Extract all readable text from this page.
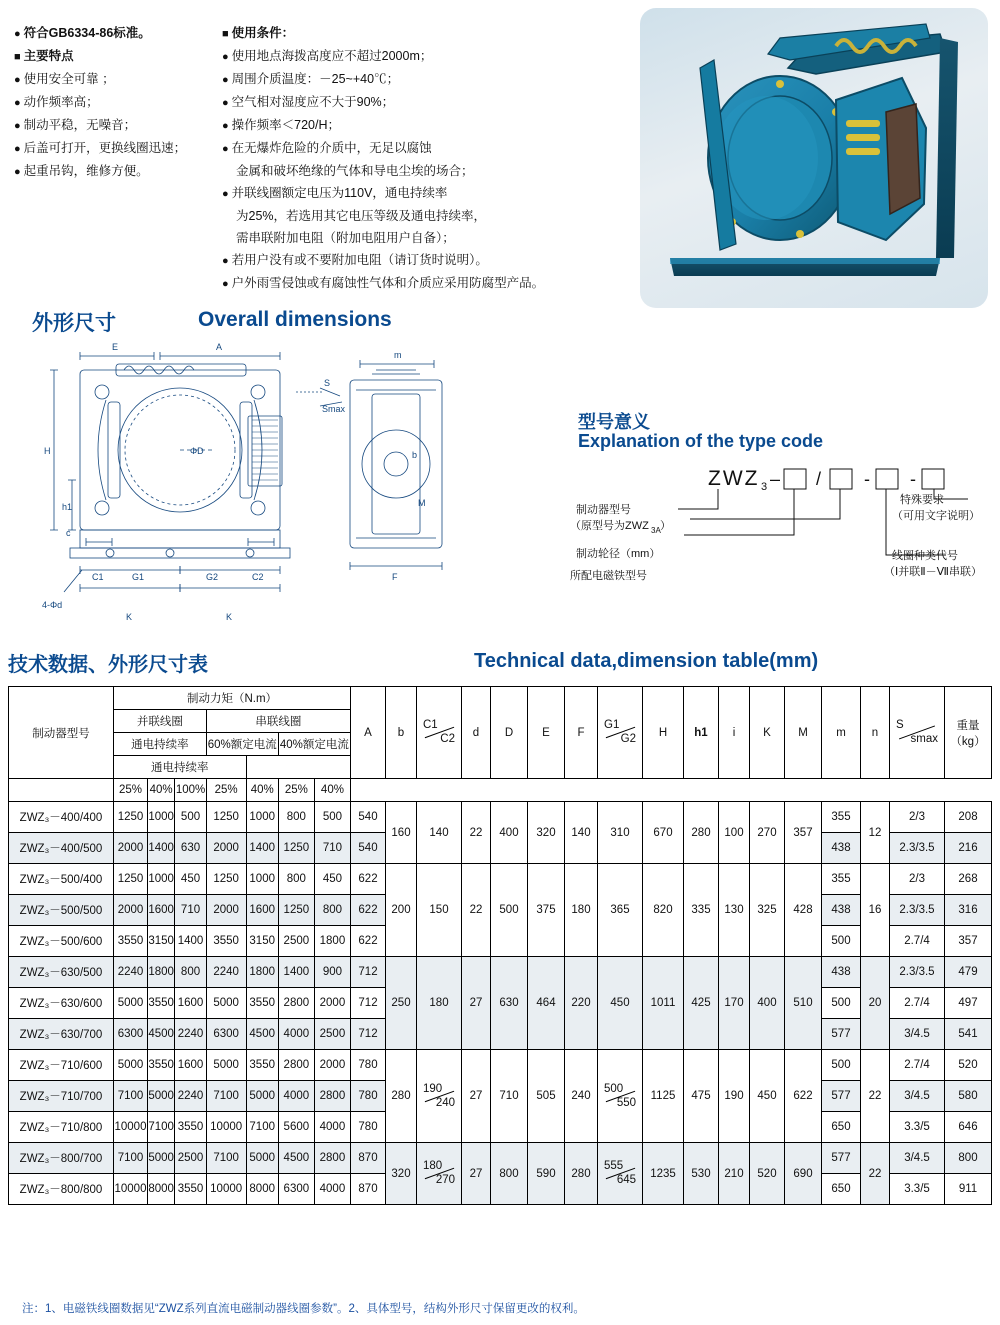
● 符合GB6334-86标准。
■ 主要特点
● 使用安全可靠 ；
● 动作频率高；
● 制动平稳，无噪音；
● 后盖可打开，更换线圈迅速；
● 起重吊钩，维修方便。
■ 使用条件：
● 使用地点海拨高度应不超过2000m；
● 周围介质温度：－25~+40℃；
● 空气相对湿度应不大于90%；
● 操作频率＜720/H；
● 在无爆炸危险的介质中，无足以腐蚀
金属和破坏绝缘的气体和导电尘埃的场合；
● 并联线圈额定电压为110V，通电持续率
为25%，若选用其它电压等级及通电持续率，
需串联附加电阻（附加电阻用户自备）；
● 若用户没有或不要附加电阻（请订货时说明）。
● 户外雨雪侵蚀或有腐蚀性气体和介质应采用防腐型产品。
外形尺寸	Overall dimensions
型号意义
Explanation of the type code
技术数据、外形尺寸表	Technical data,dimension table(mm)
E	A
m
S
Smax
H
h1
c
ΦD
C1	G1	G2	C2
b
M
4-Φd
K	K
F
ZWZ 3 – / - -
制动器型号
（原型号为ZWZ 3A ）
制动轮径（mm）
所配电磁铁型号
特殊要求
（可用文字说明）
线圈种类代号
（Ⅰ并联Ⅱ－Ⅶ串联）
制动器型号	制动力矩（N.m）	A	b	
C1
C2
	d	D	E	F	
G1
G2
	H	h1	i	K	M	m	n	
S
smax

重量
（kg）

	并联线圈			串联线圈																				
	通电持续率			60%额定电流		40%额定电流																		
	通电持续率																							
	25%	40%	100%	25%	40%	25%	40%																	
ZWZ₃－400/400	1250	1000	500	1250	1000	800	500	540	160	140	22	400	320	140	310	670	280	100	270	357	355	12	2/3	208
ZWZ₃－400/500	2000	1400	630	2000	1400	1250	710	540													438		2.3/3.5	216
ZWZ₃－500/400	1250	1000	450	1250	1000	800	450	622	200	150	22	500	375	180	365	820	335	130	325	428	355	16	2/3	268
ZWZ₃－500/500	2000	1600	710	2000	1600	1250	800	622													438		2.3/3.5	316
ZWZ₃－500/600	3550	3150	1400	3550	3150	2500	1800	622													500		2.7/4	357
ZWZ₃－630/500	2240	1800	800	2240	1800	1400	900	712	250	180	27	630	464	220	450	1011	425	170	400	510	438	20	2.3/3.5	479
ZWZ₃－630/600	5000	3550	1600	5000	3550	2800	2000	712													500		2.7/4	497
ZWZ₃－630/700	6300	4500	2240	6300	4500	4000	2500	712													577		3/4.5	541
ZWZ₃－710/600	5000	3550	1600	5000	3550	2800	2000	780	280	190
240	27	710	505	240	500
550	1125	475	190	450	622	500	22	2.7/4	520
ZWZ₃－710/700	7100	5000	2240	7100	5000	4000	2800	780													577		3/4.5	580
ZWZ₃－710/800	10000	7100	3550	10000	7100	5600	4000	780													650		3.3/5	646
ZWZ₃－800/700	7100	5000	2500	7100	5000	4500	2800	870	320	180
270	27	800	590	280	555
645	1235	530	210	520	690	577	22	3/4.5	800
ZWZ₃－800/800	10000	8000	3550	10000	8000	6300	4000	870													650		3.3/5	911
注：1、电磁铁线圈数据见“ZWZ系列直流电磁制动器线圈参数”。2、具体型号，结构外形尺寸保留更改的权利。
